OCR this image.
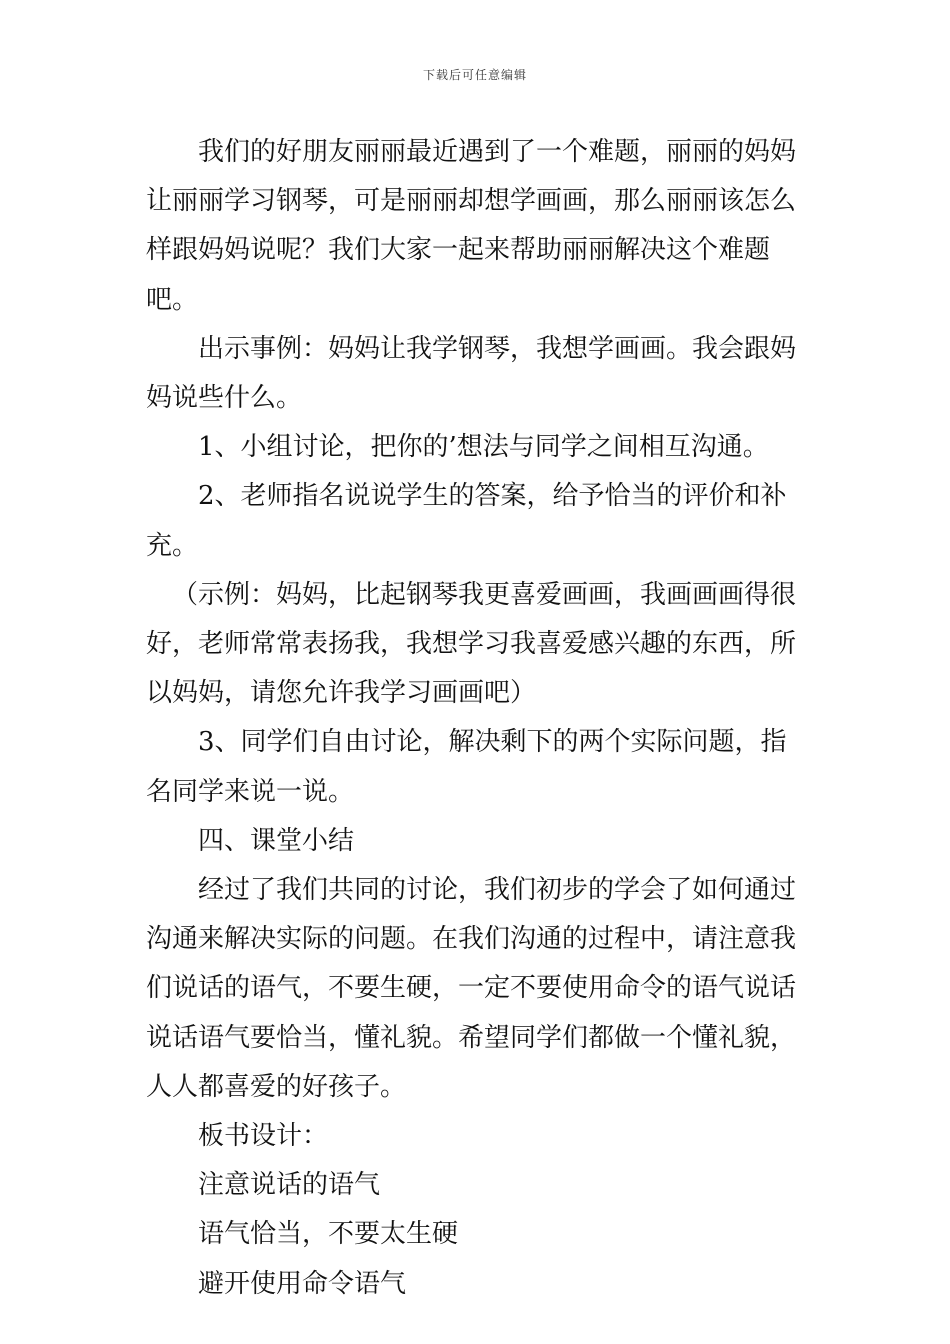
下载后可任意编辑

我们的好朋友丽丽最近遇到了一个难题，丽丽的妈妈让丽丽学习钢琴，可是丽丽却想学画画，那么丽丽该怎么样跟妈妈说呢？我们大家一起来帮助丽丽解决这个难题吧。

出示事例：妈妈让我学钢琴，我想学画画。我会跟妈妈说些什么。

1、小组讨论，把你的’想法与同学之间相互沟通。

2、老师指名说说学生的答案，给予恰当的评价和补充。

（示例：妈妈，比起钢琴我更喜爱画画，我画画画得很好，老师常常表扬我，我想学习我喜爱感兴趣的东西，所以妈妈，请您允许我学习画画吧）

3、同学们自由讨论，解决剩下的两个实际问题，指名同学来说一说。

四、课堂小结

经过了我们共同的讨论，我们初步的学会了如何通过沟通来解决实际的问题。在我们沟通的过程中，请注意我们说话的语气，不要生硬，一定不要使用命令的语气说话说话语气要恰当，懂礼貌。希望同学们都做一个懂礼貌，人人都喜爱的好孩子。

板书设计：

注意说话的语气

语气恰当，不要太生硬

避开使用命令语气
